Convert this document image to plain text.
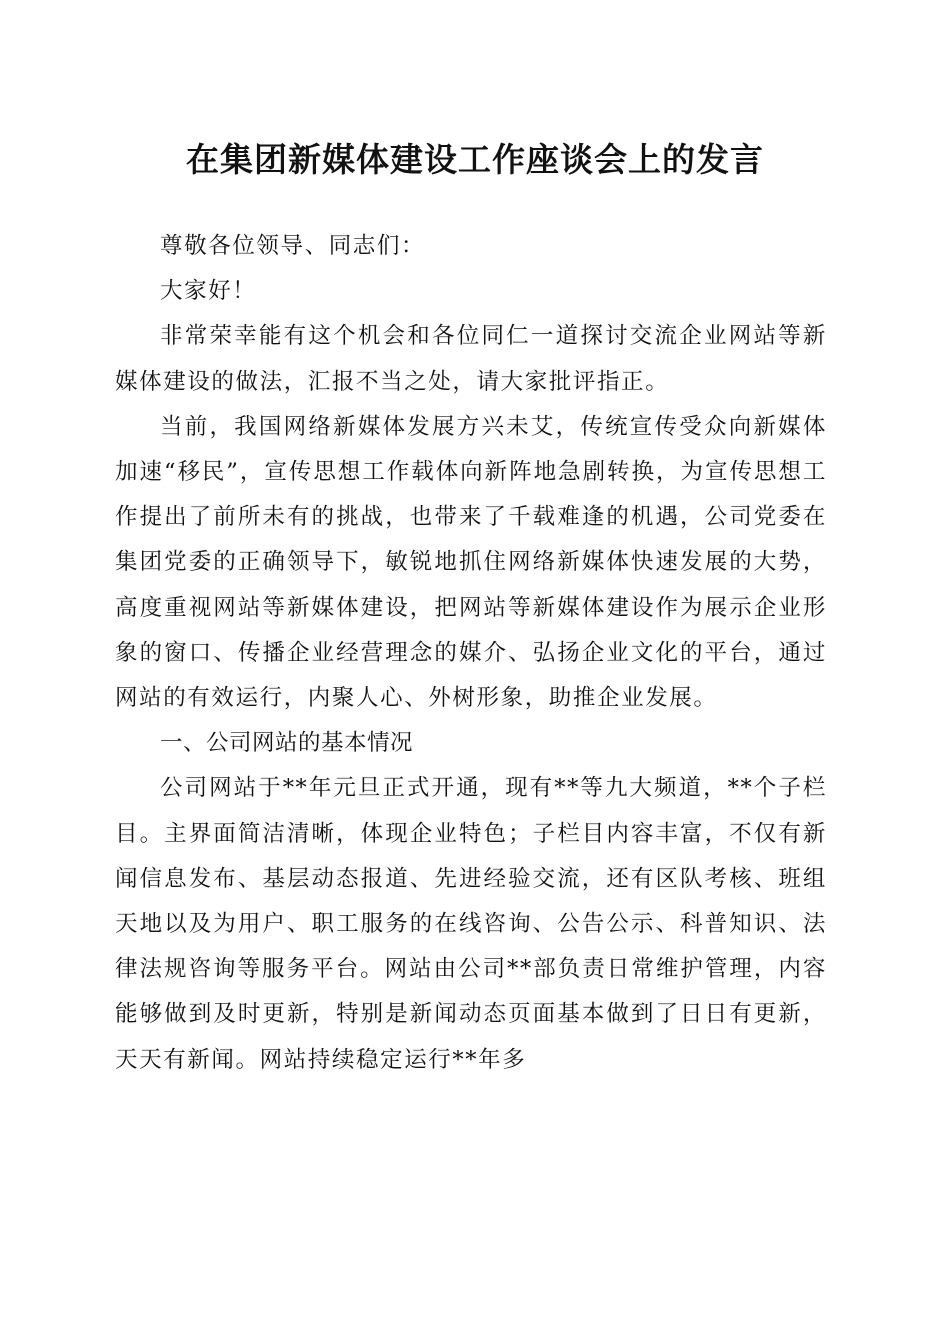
在集团新媒体建设工作座谈会上的发言

尊敬各位领导、同志们：

大家好！

非常荣幸能有这个机会和各位同仁一道探讨交流企业网站等新媒体建设的做法，汇报不当之处，请大家批评指正。

当前，我国网络新媒体发展方兴未艾，传统宣传受众向新媒体加速“移民”，宣传思想工作载体向新阵地急剧转换，为宣传思想工作提出了前所未有的挑战，也带来了千载难逢的机遇，公司党委在集团党委的正确领导下，敏锐地抓住网络新媒体快速发展的大势，高度重视网站等新媒体建设，把网站等新媒体建设作为展示企业形象的窗口、传播企业经营理念的媒介、弘扬企业文化的平台，通过网站的有效运行，内聚人心、外树形象，助推企业发展。

一、公司网站的基本情况

公司网站于**年元旦正式开通，现有**等九大频道，**个子栏目。主界面简洁清晰，体现企业特色；子栏目内容丰富，不仅有新闻信息发布、基层动态报道、先进经验交流，还有区队考核、班组天地以及为用户、职工服务的在线咨询、公告公示、科普知识、法律法规咨询等服务平台。网站由公司**部负责日常维护管理，内容能够做到及时更新，特别是新闻动态页面基本做到了日日有更新，天天有新闻。网站持续稳定运行**年多
